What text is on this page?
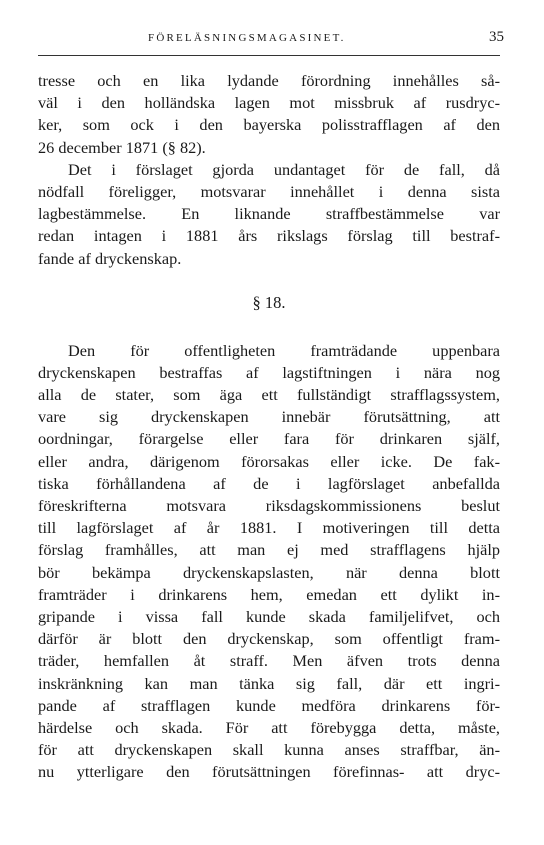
FÖRELÄSNINGSMAGASINET.	35
tresse och en lika lydande förordning innehålles så-
väl i den holländska lagen mot missbruk af rusdryc-
ker, som ock i den bayerska polisstrafflagen af den
26 december 1871 (§ 82).
Det i förslaget gjorda undantaget för de fall, då
nödfall föreligger, motsvarar innehållet i denna sista
lagbestämmelse. En liknande straffbestämmelse var
redan intagen i 1881 års rikslags förslag till bestraf-
fande af dryckenskap.
§ 18.
Den för offentligheten framträdande uppenbara
dryckenskapen bestraffas af lagstiftningen i nära nog
alla de stater, som äga ett fullständigt strafflagssystem,
vare sig dryckenskapen innebär förutsättning, att
oordningar, förargelse eller fara för drinkaren själf,
eller andra, därigenom förorsakas eller icke. De fak-
tiska förhållandena af de i lagförslaget anbefallda
föreskrifterna motsvara riksdagskommissionens beslut
till lagförslaget af år 1881. I motiveringen till detta
förslag framhålles, att man ej med strafflagens hjälp
bör bekämpa dryckenskapslasten, när denna blott
framträder i drinkarens hem, emedan ett dylikt in-
gripande i vissa fall kunde skada familjelifvet, och
därför är blott den dryckenskap, som offentligt fram-
träder, hemfallen åt straff. Men äfven trots denna
inskränkning kan man tänka sig fall, där ett ingri-
pande af strafflagen kunde medföra drinkarens för-
härdelse och skada. För att förebygga detta, måste,
för att dryckenskapen skall kunna anses straffbar, än-
nu ytterligare den förutsättningen förefinnas- att dryc-
